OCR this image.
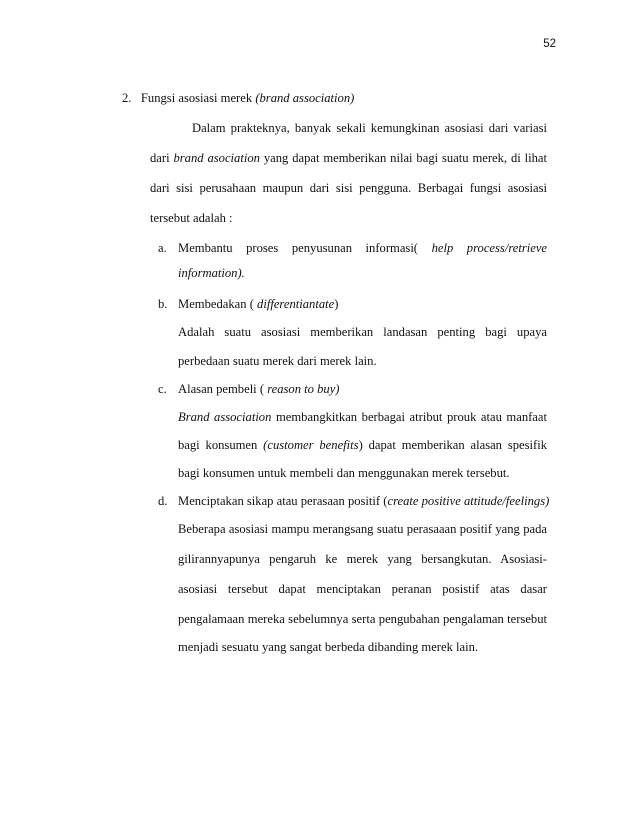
52
2. Fungsi asosiasi merek (brand association)
Dalam prakteknya, banyak sekali kemungkinan asosiasi dari variasi
dari brand asociation yang dapat memberikan nilai bagi suatu merek, di lihat
dari sisi perusahaan maupun dari sisi pengguna. Berbagai fungsi asosiasi
tersebut adalah :
a. Membantu proses penyusunan informasi( help process/retrieve
information).
b. Membedakan ( differentiantate)
Adalah suatu asosiasi memberikan landasan penting bagi upaya
perbedaan suatu merek dari merek lain.
c. Alasan pembeli ( reason to buy)
Brand association membangkitkan berbagai atribut prouk atau manfaat
bagi konsumen (customer benefits) dapat memberikan alasan spesifik
bagi konsumen untuk membeli dan menggunakan merek tersebut.
d. Menciptakan sikap atau perasaan positif (create positive attitude/feelings)
Beberapa asosiasi mampu merangsang suatu perasaaan positif yang pada
gilirannyapunya pengaruh ke merek yang bersangkutan. Asosiasi-
asosiasi tersebut dapat menciptakan peranan posistif atas dasar
pengalamaan mereka sebelumnya serta pengubahan pengalaman tersebut
menjadi sesuatu yang sangat berbeda dibanding merek lain.
